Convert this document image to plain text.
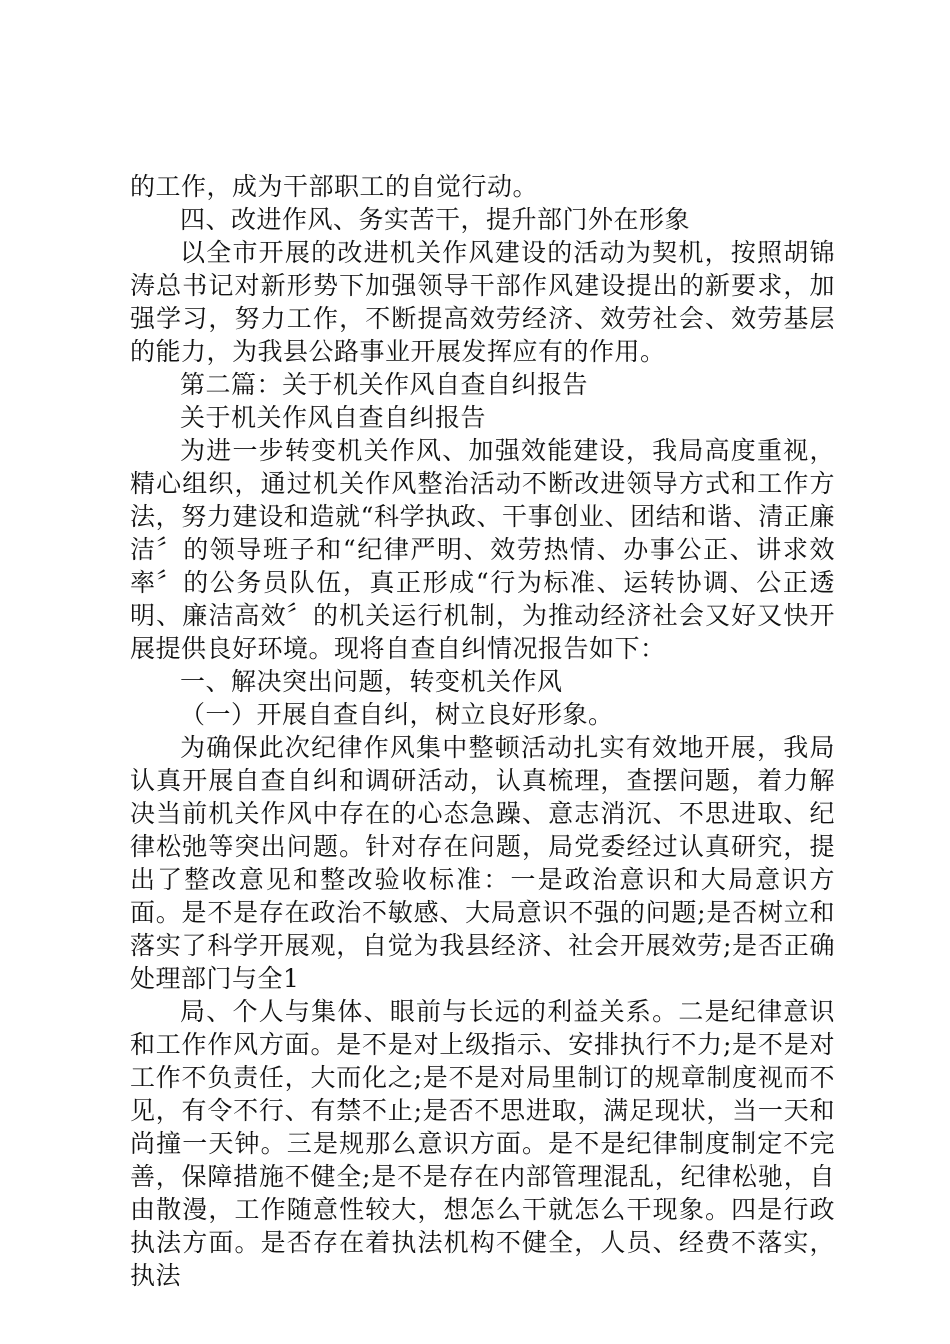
的工作，成为干部职工的自觉行动。

四、改进作风、务实苦干，提升部门外在形象

以全市开展的改进机关作风建设的活动为契机，按照胡锦涛总书记对新形势下加强领导干部作风建设提出的新要求，加强学习，努力工作，不断提高效劳经济、效劳社会、效劳基层的能力，为我县公路事业开展发挥应有的作用。

第二篇：关于机关作风自查自纠报告

关于机关作风自查自纠报告

为进一步转变机关作风、加强效能建设，我局高度重视，精心组织，通过机关作风整治活动不断改进领导方式和工作方法，努力建设和造就“科学执政、干事创业、团结和谐、清正廉洁〞的领导班子和“纪律严明、效劳热情、办事公正、讲求效率〞的公务员队伍，真正形成“行为标准、运转协调、公正透明、廉洁高效〞的机关运行机制，为推动经济社会又好又快开展提供良好环境。现将自查自纠情况报告如下：

一、解决突出问题，转变机关作风

（一）开展自查自纠，树立良好形象。

为确保此次纪律作风集中整顿活动扎实有效地开展，我局认真开展自查自纠和调研活动，认真梳理，查摆问题，着力解决当前机关作风中存在的心态急躁、意志消沉、不思进取、纪律松弛等突出问题。针对存在问题，局党委经过认真研究，提出了整改意见和整改验收标准：一是政治意识和大局意识方面。是不是存在政治不敏感、大局意识不强的问题;是否树立和落实了科学开展观，自觉为我县经济、社会开展效劳;是否正确处理部门与全1

局、个人与集体、眼前与长远的利益关系。二是纪律意识和工作作风方面。是不是对上级指示、安排执行不力;是不是对工作不负责任，大而化之;是不是对局里制订的规章制度视而不见，有令不行、有禁不止;是否不思进取，满足现状，当一天和尚撞一天钟。三是规那么意识方面。是不是纪律制度制定不完善，保障措施不健全;是不是存在内部管理混乱，纪律松驰，自由散漫，工作随意性较大，想怎么干就怎么干现象。四是行政执法方面。是否存在着执法机构不健全，人员、经费不落实，执法
